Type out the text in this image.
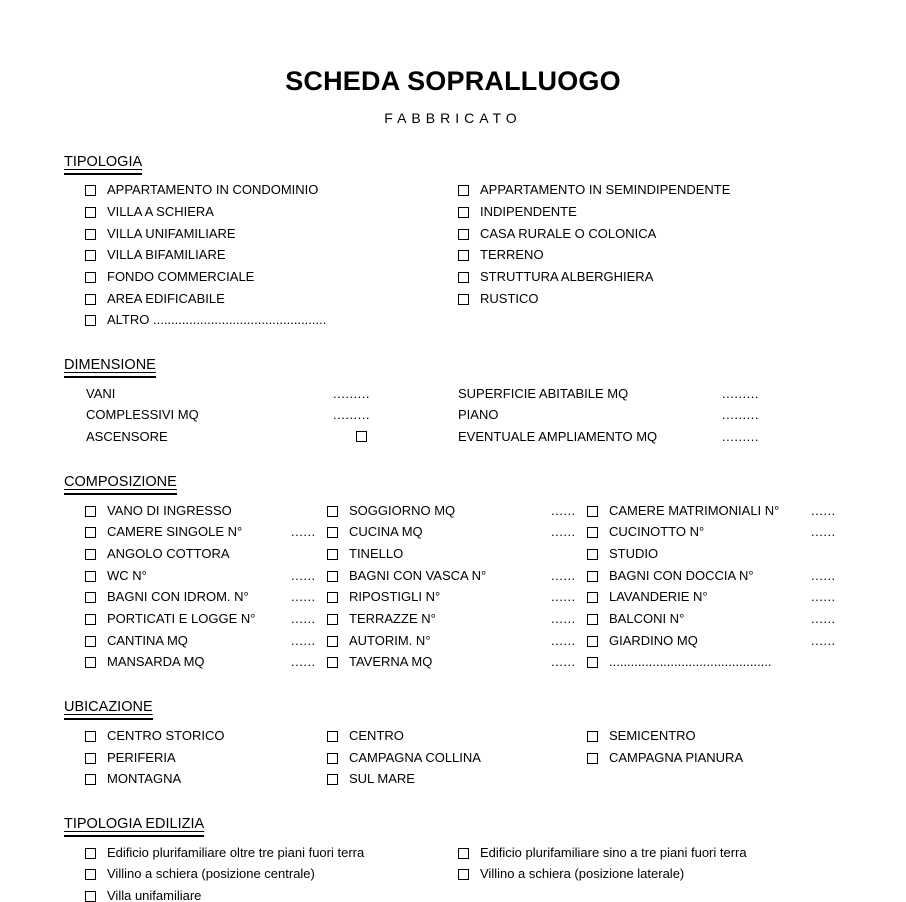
SCHEDA SOPRALLUOGO
FABBRICATO
TIPOLOGIA
APPARTAMENTO IN CONDOMINIO
VILLA A SCHIERA
VILLA UNIFAMILIARE
VILLA BIFAMILIARE
FONDO COMMERCIALE
AREA EDIFICABILE
ALTRO ................................................
APPARTAMENTO IN SEMINDIPENDENTE
INDIPENDENTE
CASA RURALE O COLONICA
TERRENO
STRUTTURA ALBERGHIERA
RUSTICO
DIMENSIONE
VANI	.........
COMPLESSIVI MQ	.........
ASCENSORE
SUPERFICIE ABITABILE MQ	.........
PIANO	.........
EVENTUALE AMPLIAMENTO MQ	.........
COMPOSIZIONE
VANO DI INGRESSO
CAMERE SINGOLE N°	......
ANGOLO COTTORA
WC N°	......
BAGNI CON IDROM. N°	......
PORTICATI E LOGGE N°	......
CANTINA MQ	......
MANSARDA MQ	......
SOGGIORNO MQ	......
CUCINA MQ	......
TINELLO
BAGNI CON VASCA N°	......
RIPOSTIGLI N°	......
TERRAZZE N°	......
AUTORIM. N°	......
TAVERNA MQ	......
CAMERE MATRIMONIALI N° ......
CUCINOTTO N°	......
STUDIO
BAGNI CON DOCCIA N°	......
LAVANDERIE N°	......
BALCONI N°	......
GIARDINO MQ	......
.............................................
UBICAZIONE
CENTRO STORICO
PERIFERIA
MONTAGNA
CENTRO
CAMPAGNA COLLINA
SUL MARE
SEMICENTRO
CAMPAGNA PIANURA
TIPOLOGIA EDILIZIA
Edificio plurifamiliare oltre tre piani fuori terra
Villino a schiera (posizione centrale)
Villa unifamiliare
Edificio plurifamiliare sino a tre piani fuori terra
Villino a schiera (posizione laterale)
